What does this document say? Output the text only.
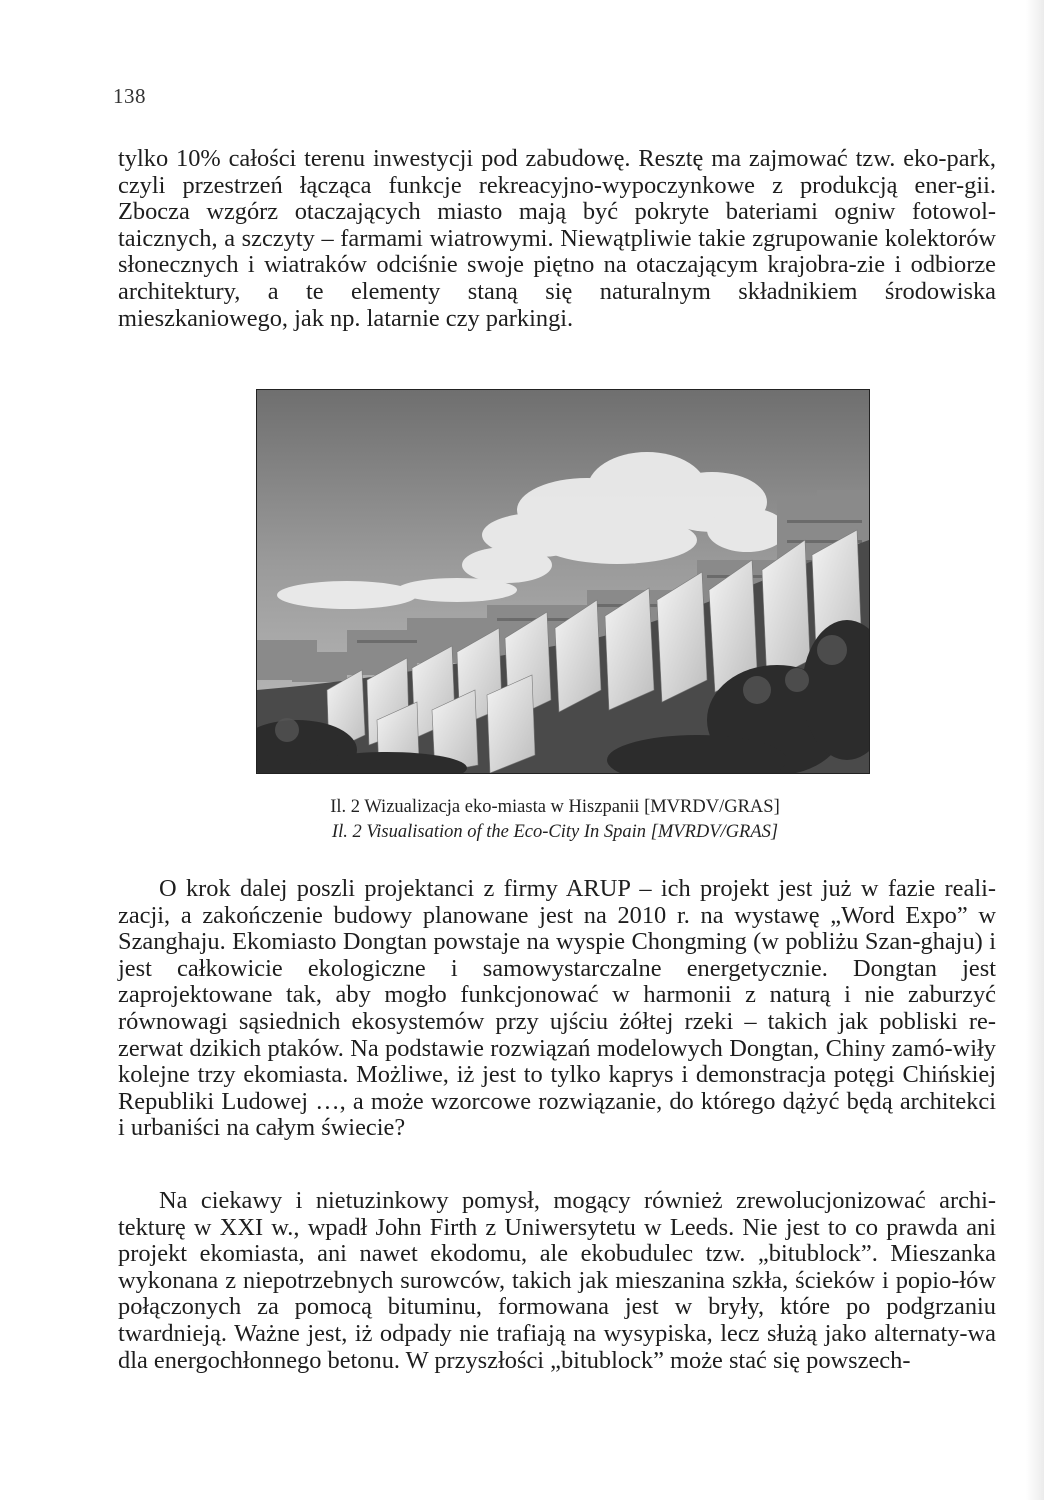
138
tylko 10% całości terenu inwestycji pod zabudowę. Resztę ma zajmować tzw. eko-park, czyli przestrzeń łącząca funkcje rekreacyjno-wypoczynkowe z produkcją ener-gii. Zbocza wzgórz otaczających miasto mają być pokryte bateriami ogniw fotowol-taicznych, a szczyty – farmami wiatrowymi. Niewątpliwie takie zgrupowanie kolektorów słonecznych i wiatraków odciśnie swoje piętno na otaczającym krajobra-zie i odbiorze architektury, a te elementy staną się naturalnym składnikiem środowiska mieszkaniowego, jak np. latarnie czy parkingi.
Il. 2 Wizualizacja eko-miasta w Hiszpanii [MVRDV/GRAS]
Il. 2 Visualisation of the Eco-City In Spain [MVRDV/GRAS]
O krok dalej poszli projektanci z firmy ARUP – ich projekt jest już w fazie reali-zacji, a zakończenie budowy planowane jest na 2010 r. na wystawę „Word Expo” w Szanghaju. Ekomiasto Dongtan powstaje na wyspie Chongming (w pobliżu Szan-ghaju) i jest całkowicie ekologiczne i samowystarczalne energetycznie. Dongtan jest zaprojektowane tak, aby mogło funkcjonować w harmonii z naturą i nie zaburzyć równowagi sąsiednich ekosystemów przy ujściu żółtej rzeki – takich jak pobliski re-zerwat dzikich ptaków. Na podstawie rozwiązań modelowych Dongtan, Chiny zamó-wiły kolejne trzy ekomiasta. Możliwe, iż jest to tylko kaprys i demonstracja potęgi Chińskiej Republiki Ludowej …, a może wzorcowe rozwiązanie, do którego dążyć będą architekci i urbaniści na całym świecie?
Na ciekawy i nietuzinkowy pomysł, mogący również zrewolucjonizować archi-tekturę w XXI w., wpadł John Firth z Uniwersytetu w Leeds. Nie jest to co prawda ani projekt ekomiasta, ani nawet ekodomu, ale ekobudulec tzw. „bitublock”. Mieszanka wykonana z niepotrzebnych surowców, takich jak mieszanina szkła, ścieków i popio-łów połączonych za pomocą bituminu, formowana jest w bryły, które po podgrzaniu twardnieją. Ważne jest, iż odpady nie trafiają na wysypiska, lecz służą jako alternaty-wa dla energochłonnego betonu. W przyszłości „bitublock” może stać się powszech-
